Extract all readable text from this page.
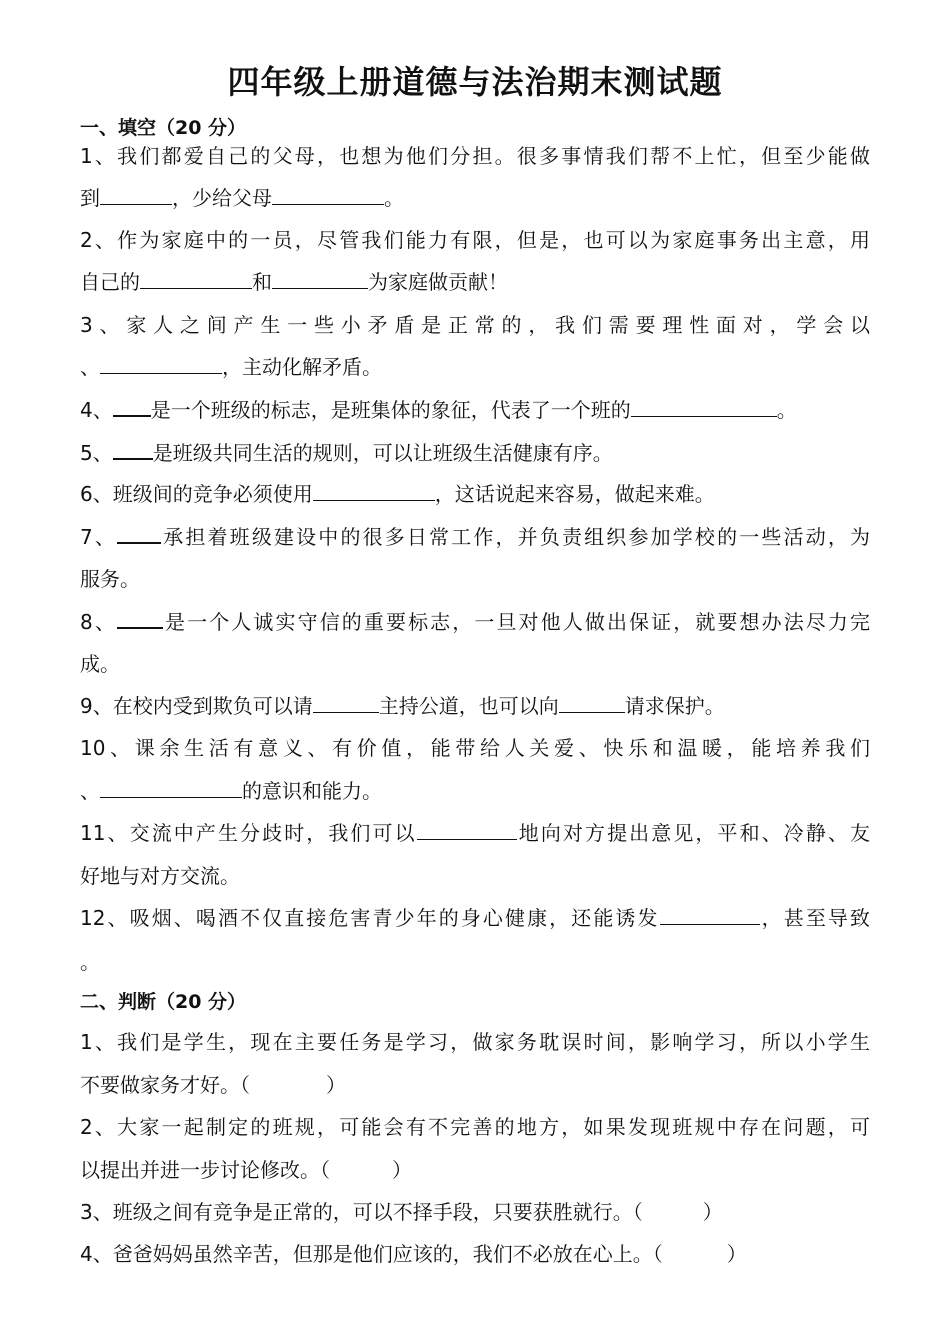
四年级上册道德与法治期末测试题
一、填空（20 分）
1、我们都爱自己的父母，也想为他们分担。很多事情我们帮不上忙，但至少能做
到	，少给父母	。
2、作为家庭中的一员，尽管我们能力有限，但是，也可以为家庭事务出主意，用
自己的	和	为家庭做贡献！
3、家人之间产生一些小矛盾是正常的，我们需要理性面对，学会以
、	，主动化解矛盾。
4、 是一个班级的标志，是班集体的象征，代表了一个班的	。
5、 是班级共同生活的规则，可以让班级生活健康有序。
6、班级间的竞争必须使用	，这话说起来容易，做起来难。
7、 承担着班级建设中的很多日常工作，并负责组织参加学校的一些活动，为
服务。
8、 是一个人诚实守信的重要标志，一旦对他人做出保证，就要想办法尽力完
成。
9、在校内受到欺负可以请	主持公道，也可以向	请求保护。
10、课余生活有意义、有价值，能带给人关爱、快乐和温暖，能培养我们
、	的意识和能力。
11、交流中产生分歧时，我们可以	地向对方提出意见，平和、冷静、友
好地与对方交流。
12、吸烟、喝酒不仅直接危害青少年的身心健康，还能诱发	，甚至导致
。
二、判断（20 分）
1、我们是学生，现在主要任务是学习，做家务耽误时间，影响学习，所以小学生
不要做家务才好。（	）
2、大家一起制定的班规，可能会有不完善的地方，如果发现班规中存在问题，可
以提出并进一步讨论修改。（	）
3、班级之间有竞争是正常的，可以不择手段，只要获胜就行。（	）
4、爸爸妈妈虽然辛苦，但那是他们应该的，我们不必放在心上。（	）
